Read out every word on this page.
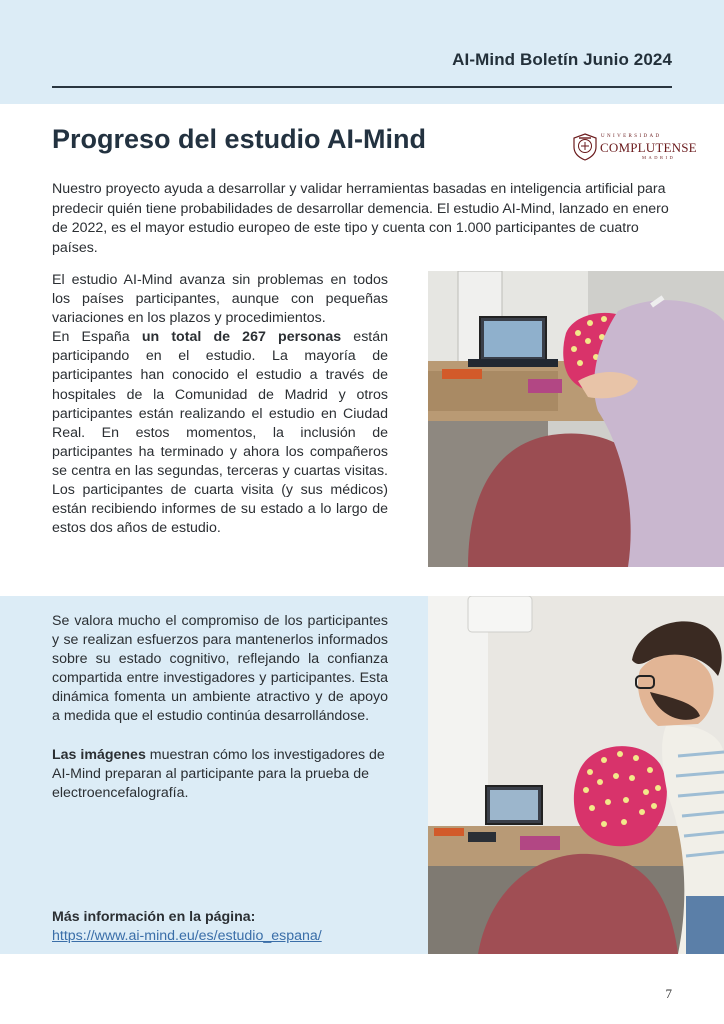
AI-Mind Boletín Junio 2024
Progreso del estudio AI-Mind	UNIVERSIDAD
COMPLUTENSE
MADRID

Nuestro proyecto ayuda a desarrollar y validar herramientas basadas en inteligencia artificial para predecir quién tiene probabilidades de desarrollar demencia. El estudio AI-Mind, lanzado en enero de 2022, es el mayor estudio europeo de este tipo y cuenta con 1.000 participantes de cuatro países.

El estudio AI-Mind avanza sin problemas en todos los países participantes, aunque con pequeñas variaciones en los plazos y procedimientos.

En España un total de 267 personas están participando en el estudio. La mayoría de participantes han conocido el estudio a través de hospitales de la Comunidad de Madrid y otros participantes están realizando el estudio en Ciudad Real. En estos momentos, la inclusión de participantes ha terminado y ahora los compañeros se centra en las segundas, terceras y cuartas visitas. Los participantes de cuarta visita (y sus médicos) están recibiendo informes de su estado a lo largo de estos dos años de estudio.

Se valora mucho el compromiso de los participantes y se realizan esfuerzos para mantenerlos informados sobre su estado cognitivo, reflejando la confianza compartida entre investigadores y participantes. Esta dinámica fomenta un ambiente atractivo y de apoyo a medida que el estudio continúa desarrollándose.

Las imágenes muestran cómo los investigadores de AI-Mind preparan al participante para la prueba de electroencefalografía.

Más información en la página:

https://www.ai-mind.eu/es/estudio_espana/

7
